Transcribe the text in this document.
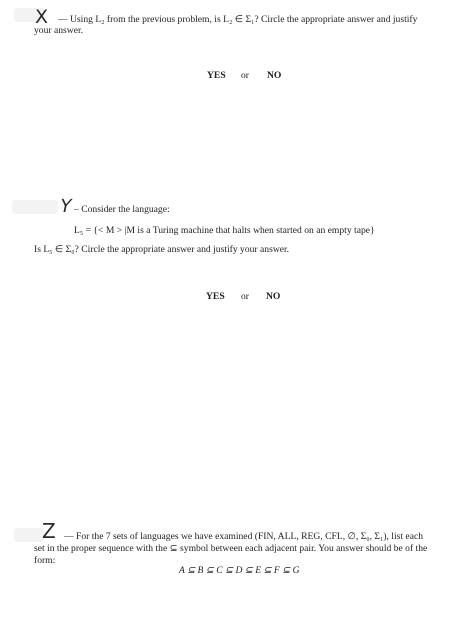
X — Using L₂ from the previous problem, is L₂ ∈ Σ₁? Circle the appropriate answer and justify
your answer.
YES or NO
Y – Consider the language:
L₅ = {< M > |M is a Turing machine that halts when started on an empty tape}
Is L₅ ∈ Σ₀? Circle the appropriate answer and justify your answer.
YES or NO
Z — For the 7 sets of languages we have examined (FIN, ALL, REG, CFL, ∅, Σ₀, Σ₁), list each
set in the proper sequence with the ⊆ symbol between each adjacent pair. You answer should be of the
form:
A ⊆ B ⊆ C ⊆ D ⊆ E ⊆ F ⊆ G
